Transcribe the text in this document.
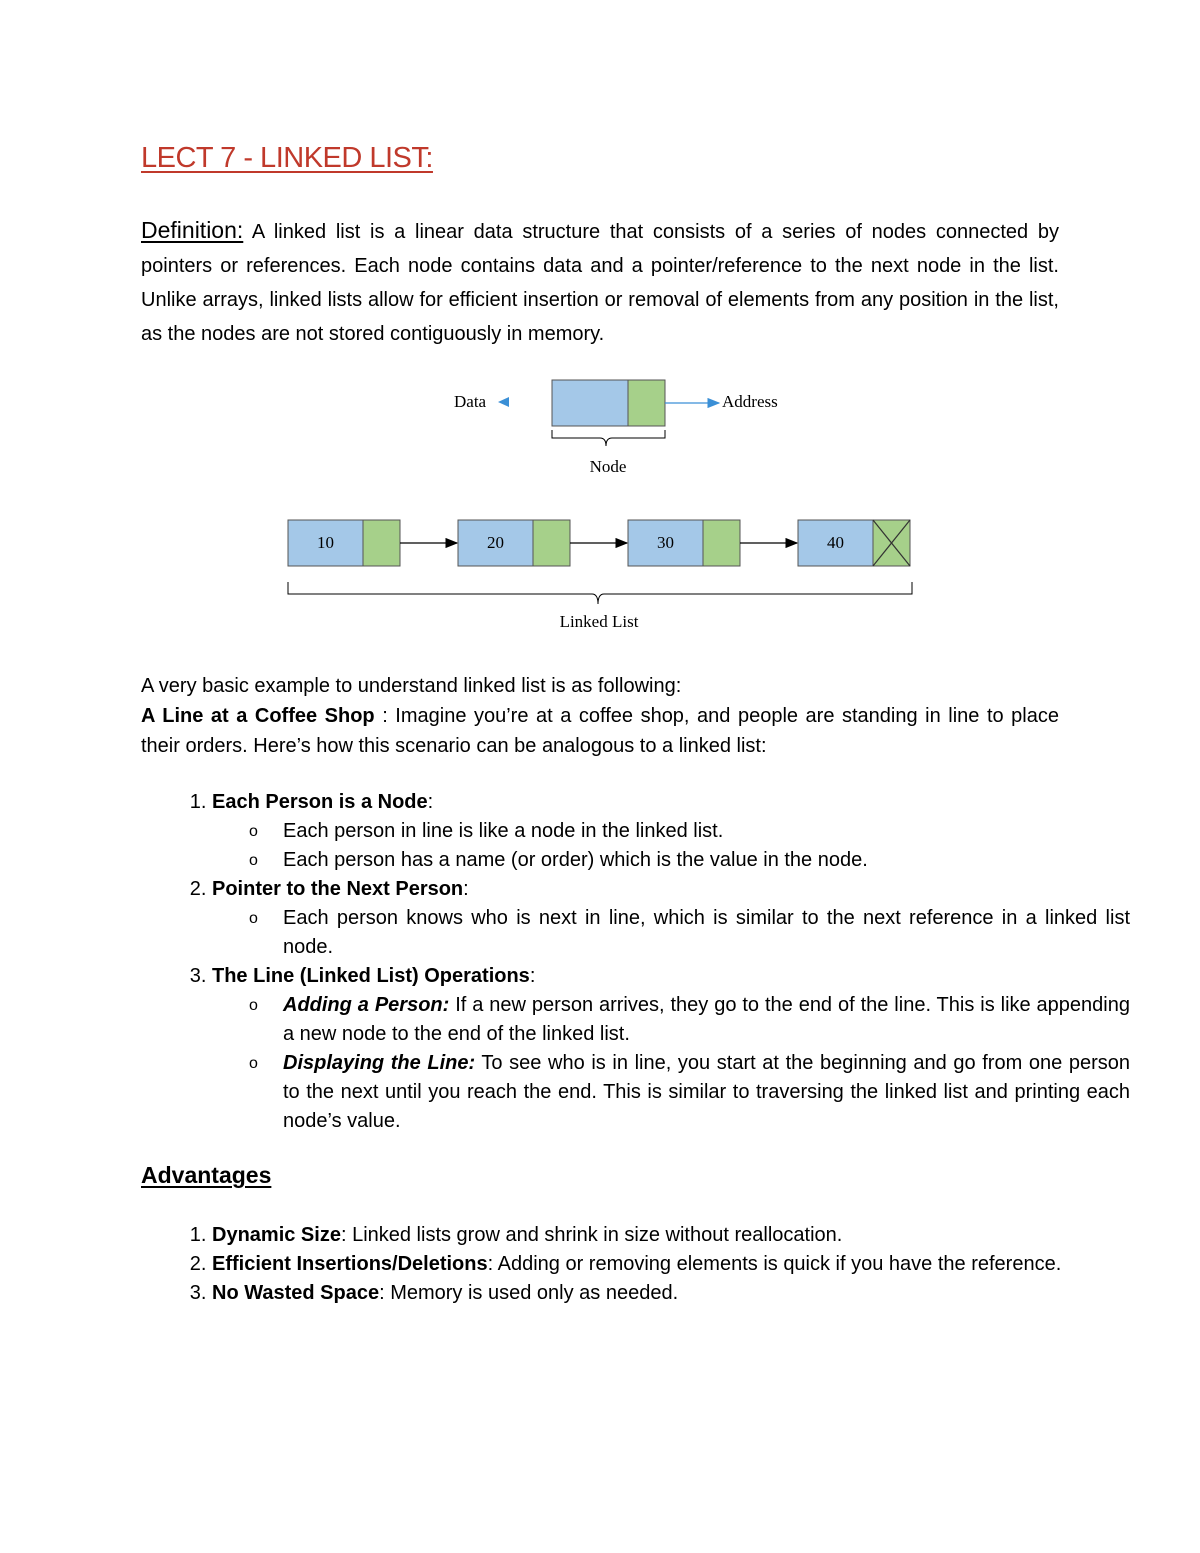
LECT 7 - LINKED LIST:

Definition: A linked list is a linear data structure that consists of a series of nodes connected by pointers or references. Each node contains data and a pointer/reference to the next node in the list. Unlike arrays, linked lists allow for efficient insertion or removal of elements from any position in the list, as the nodes are not stored contiguously in memory.

Data	Address
Node
10	20	30	40
Linked List

A very basic example to understand linked list is as following:

A Line at a Coffee Shop : Imagine you’re at a coffee shop, and people are standing in line to place their orders. Here’s how this scenario can be analogous to a linked list:

1. Each Person is a Node:
o Each person in line is like a node in the linked list.
o Each person has a name (or order) which is the value in the node.
2. Pointer to the Next Person:
o Each person knows who is next in line, which is similar to the next reference in a linked list node.
3. The Line (Linked List) Operations:
o Adding a Person: If a new person arrives, they go to the end of the line. This is like appending a new node to the end of the linked list.
o Displaying the Line: To see who is in line, you start at the beginning and go from one person to the next until you reach the end. This is similar to traversing the linked list and printing each node’s value.
Advantages
1. Dynamic Size: Linked lists grow and shrink in size without reallocation.
2. Efficient Insertions/Deletions: Adding or removing elements is quick if you have the reference.
3. No Wasted Space: Memory is used only as needed.
